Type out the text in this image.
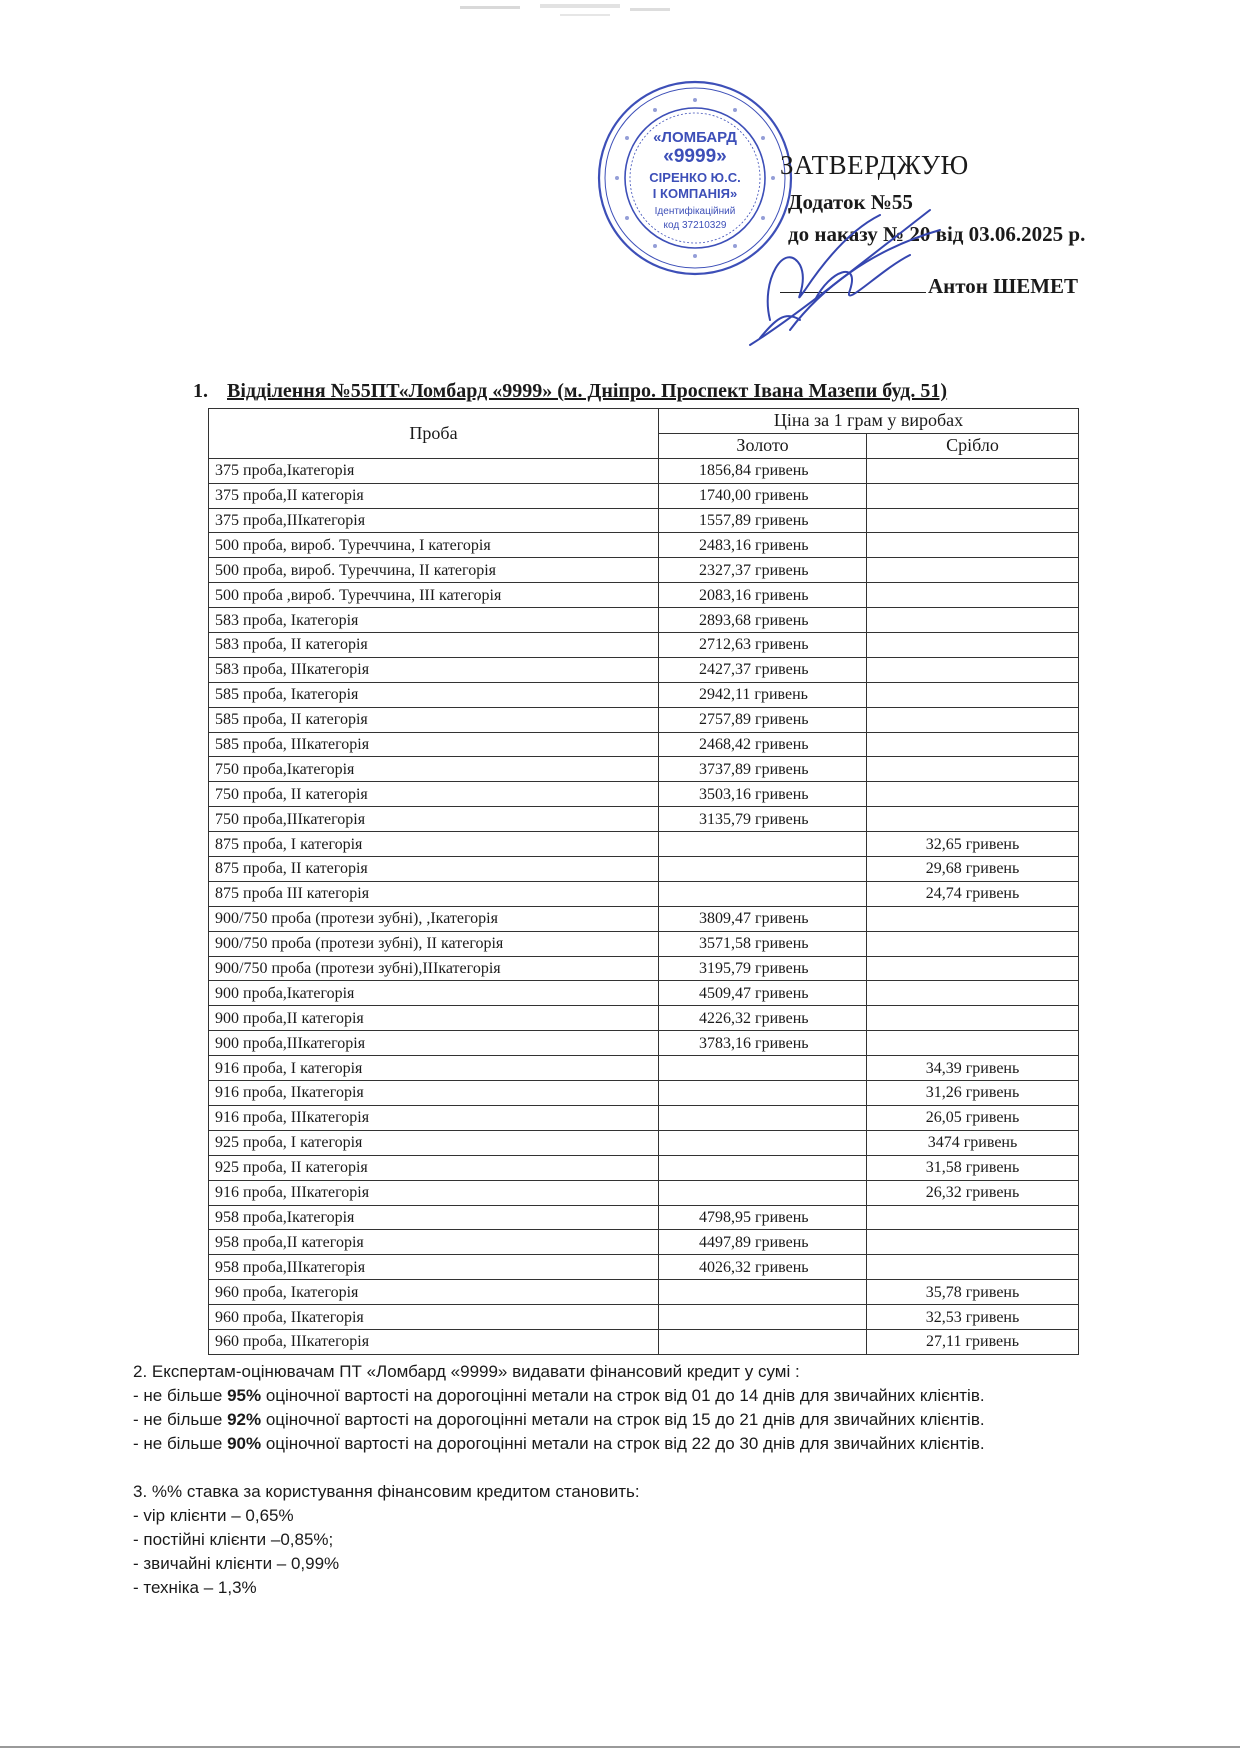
«ЛОМБАРД
«9999»
СІРЕНКО Ю.С.
І КОМПАНІЯ»
Ідентифікаційний
код 37210329
ЗАТВЕРДЖУЮ
Додаток №55
до наказу № 20 від 03.06.2025 р.
Антон ШЕМЕТ
1. Відділення №55ПТ«Ломбард «9999» (м. Дніпро. Проспект Івана Мазепи буд. 51)
Проба	Ціна за 1 грам у виробах	
	Золото	Срібло
375 проба,Ікатегорія	1856,84 гривень	
375 проба,ІІ категорія	1740,00 гривень	
375 проба,ІІІкатегорія	1557,89 гривень	
500 проба, вироб. Туреччина, І категорія	2483,16 гривень	
500 проба, вироб. Туреччина, ІІ категорія	2327,37 гривень	
500 проба ,вироб. Туреччина, ІІІ категорія	2083,16 гривень	
583 проба, Ікатегорія	2893,68 гривень	
583 проба, ІІ категорія	2712,63 гривень	
583 проба, ІІІкатегорія	2427,37 гривень	
585 проба, Ікатегорія	2942,11 гривень	
585 проба, ІІ категорія	2757,89 гривень	
585 проба, ІІІкатегорія	2468,42 гривень	
750 проба,Ікатегорія	3737,89 гривень	
750 проба, ІІ категорія	3503,16 гривень	
750 проба,ІІІкатегорія	3135,79 гривень	
875 проба, І категорія		32,65 гривень
875 проба, ІІ категорія		29,68 гривень
875 проба ІІІ категорія		24,74 гривень
900/750 проба (протези зубні), ,Ікатегорія	3809,47 гривень	
900/750 проба (протези зубні), ІІ категорія	3571,58 гривень	
900/750 проба (протези зубні),ІІІкатегорія	3195,79 гривень	
900 проба,Ікатегорія	4509,47 гривень	
900 проба,ІІ категорія	4226,32 гривень	
900 проба,ІІІкатегорія	3783,16 гривень	
916 проба, І категорія		34,39 гривень
916 проба, ІІкатегорія		31,26 гривень
916 проба, ІІІкатегорія		26,05 гривень
925 проба, І категорія		3474 гривень
925 проба, ІІ категорія		31,58 гривень
916 проба, ІІІкатегорія		26,32 гривень
958 проба,Ікатегорія	4798,95 гривень	
958 проба,ІІ категорія	4497,89 гривень	
958 проба,ІІІкатегорія	4026,32 гривень	
960 проба, Ікатегорія		35,78 гривень
960 проба, ІІкатегорія		32,53 гривень
960 проба, ІІІкатегорія		27,11 гривень
2. Експертам-оцінювачам ПТ «Ломбард «9999» видавати фінансовий кредит у сумі :
- не більше 95% оціночної вартості на дорогоцінні метали на строк від 01 до 14 днів для звичайних клієнтів.
- не більше 92% оціночної вартості на дорогоцінні метали на строк від 15 до 21 днів для звичайних клієнтів.
- не більше 90% оціночної вартості на дорогоцінні метали на строк від 22 до 30 днів для звичайних клієнтів.
3. %% ставка за користування фінансовим кредитом становить:
- vip клієнти – 0,65%
- постійні клієнти –0,85%;
- звичайні клієнти – 0,99%
- техніка – 1,3%
